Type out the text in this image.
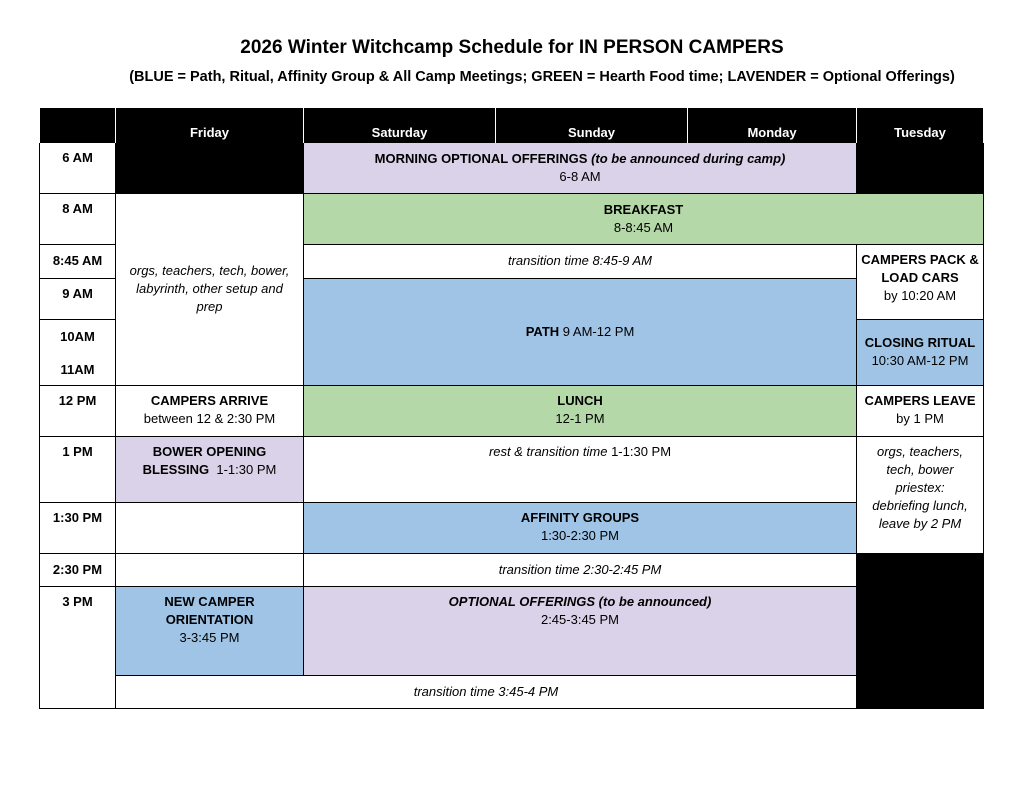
2026 Winter Witchcamp Schedule for IN PERSON CAMPERS
(BLUE = Path, Ritual, Affinity Group & All Camp Meetings; GREEN = Hearth Food time; LAVENDER = Optional Offerings)
	Friday	Saturday	Sunday	Monday	Tuesday
6 AM		MORNING OPTIONAL OFFERINGS (to be announced during camp)
6-8 AM			

8 AM	orgs, teachers, tech, bower,
labyrinth, other setup and
prep	BREAKFAST
8-8:45 AM			

8:45 AM		transition time 8:45-9 AM			CAMPERS PACK &
LOAD CARS
by 10:20 AM

9 AM		PATH 9 AM-12 PM			
10AM					CLOSING RITUAL
10:30 AM-12 PM

11AM					
12 PM	CAMPERS ARRIVE
between 12 & 2:30 PM	LUNCH
12-1 PM			CAMPERS LEAVE
by 1 PM

1 PM	BOWER OPENING
BLESSING 1-1:30 PM	rest & transition time 1-1:30 PM			orgs, teachers,
tech, bower
priestex:
debriefing lunch,
leave by 2 PM

1:30 PM		AFFINITY GROUPS
1:30-2:30 PM			

2:30 PM		transition time 2:30-2:45 PM			
3 PM	NEW CAMPER
ORIENTATION
3-3:45 PM	OPTIONAL OFFERINGS (to be announced)
2:45-3:45 PM			

	transition time 3:45-4 PM				
